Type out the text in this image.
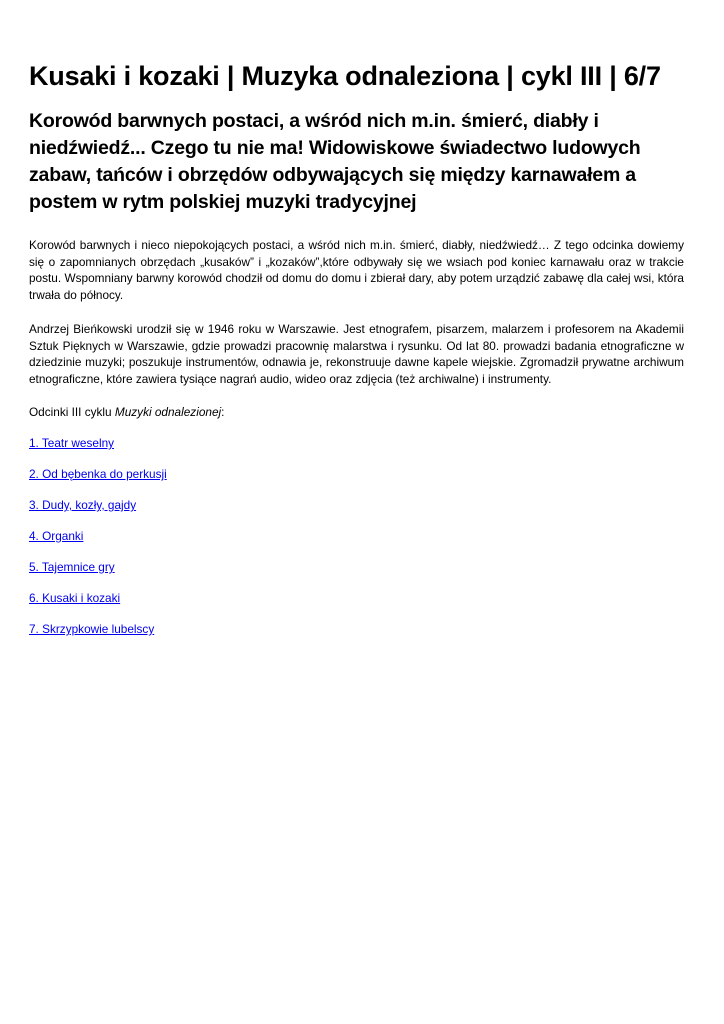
Kusaki i kozaki | Muzyka odnaleziona | cykl III | 6/7
Korowód barwnych postaci, a wśród nich m.in. śmierć, diabły i niedźwiedź... Czego tu nie ma! Widowiskowe świadectwo ludowych zabaw, tańców i obrzędów odbywających się między karnawałem a postem w rytm polskiej muzyki tradycyjnej

Korowód barwnych i nieco niepokojących postaci, a wśród nich m.in. śmierć, diabły, niedźwiedź… Z tego odcinka dowiemy się o zapomnianych obrzędach „kusaków” i „kozaków”,które odbywały się we wsiach pod koniec karnawału oraz w trakcie postu. Wspomniany barwny korowód chodził od domu do domu i zbierał dary, aby potem urządzić zabawę dla całej wsi, która trwała do północy.

Andrzej Bieńkowski urodził się w 1946 roku w Warszawie. Jest etnografem, pisarzem, malarzem i profesorem na Akademii Sztuk Pięknych w Warszawie, gdzie prowadzi pracownię malarstwa i rysunku. Od lat 80. prowadzi badania etnograficzne w dziedzinie muzyki; poszukuje instrumentów, odnawia je, rekonstruuje dawne kapele wiejskie. Zgromadził prywatne archiwum etnograficzne, które zawiera tysiące nagrań audio, wideo oraz zdjęcia (też archiwalne) i instrumenty.

Odcinki III cyklu Muzyki odnalezionej:

1. Teatr weselny
2. Od bębenka do perkusji
3. Dudy, kozły, gajdy
4. Organki
5. Tajemnice gry
6. Kusaki i kozaki
7. Skrzypkowie lubelscy
